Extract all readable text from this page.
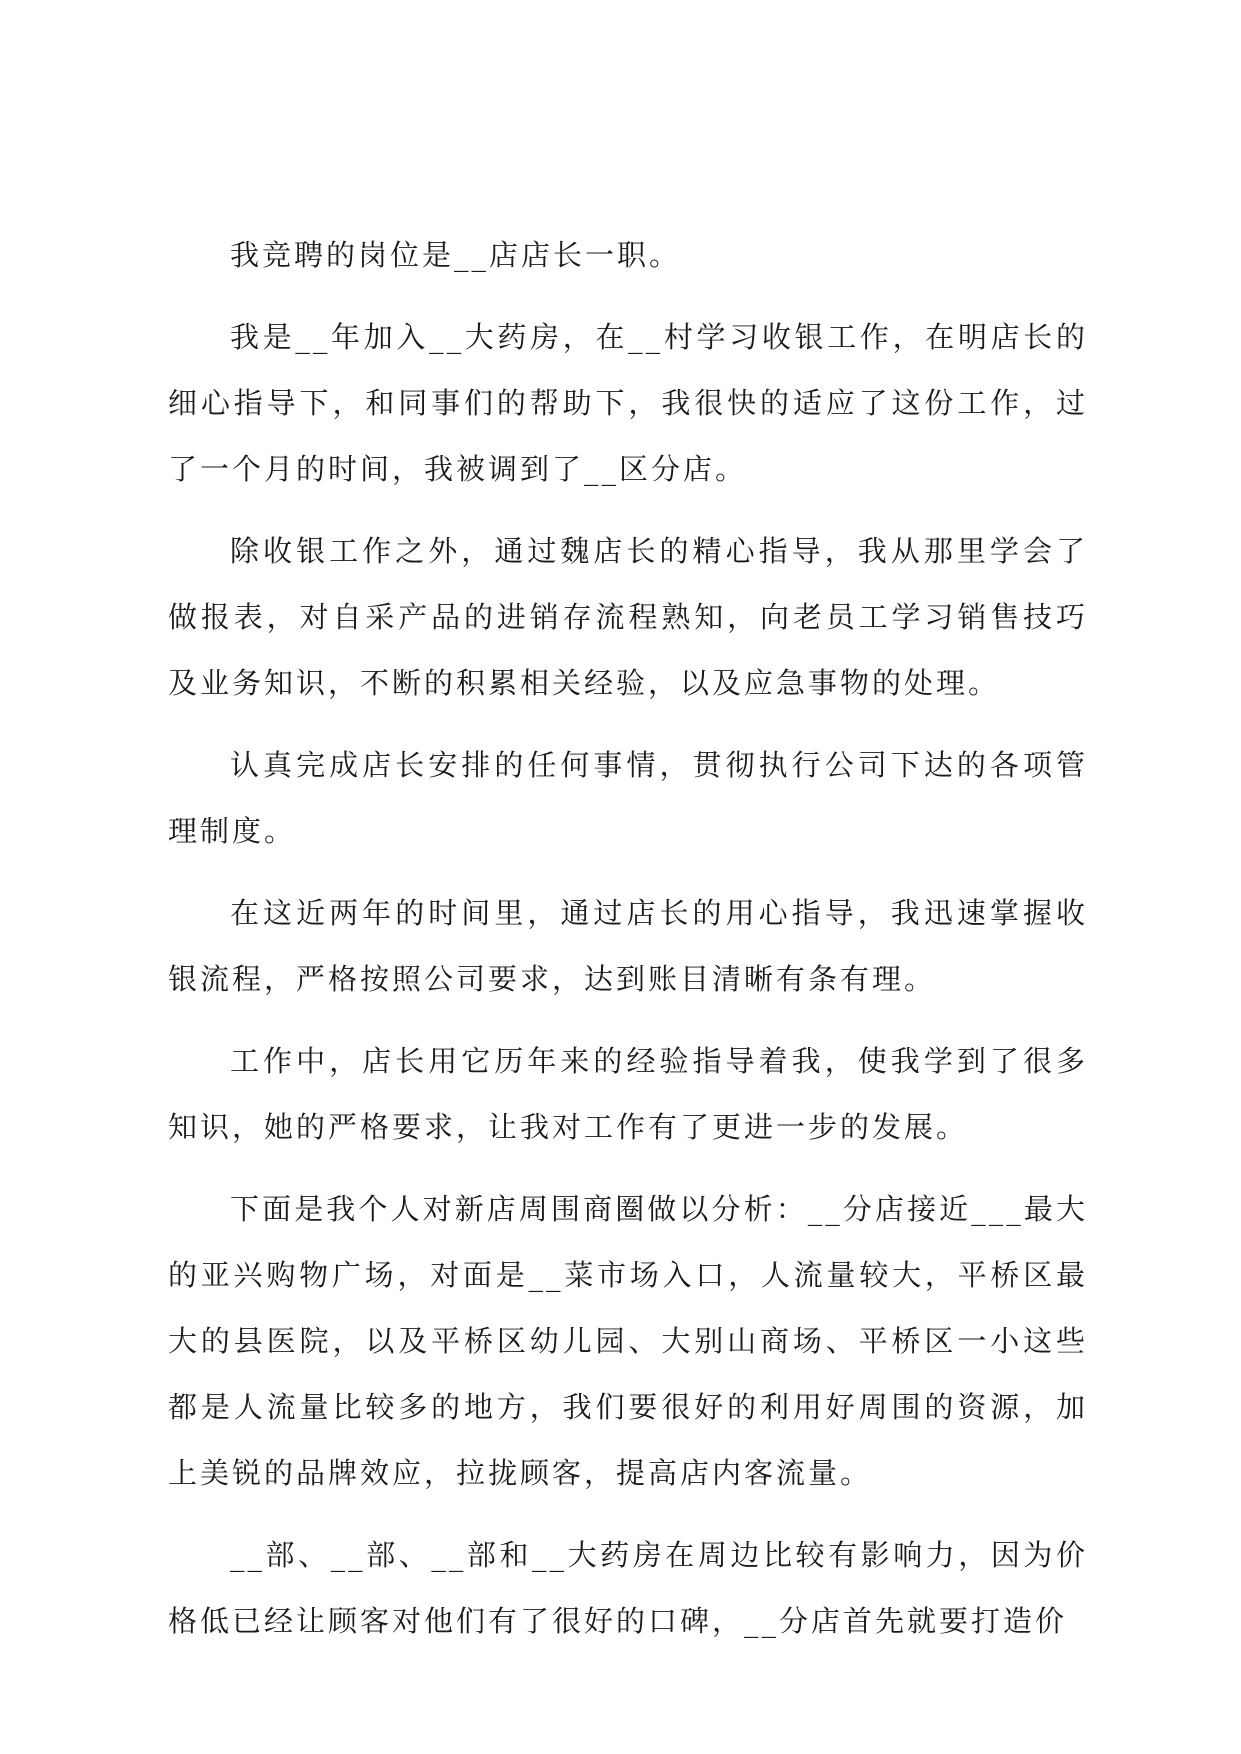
我竞聘的岗位是__店店长一职。

我是__年加入__大药房，在__村学习收银工作，在明店长的细心指导下，和同事们的帮助下，我很快的适应了这份工作，过了一个月的时间，我被调到了__区分店。

除收银工作之外，通过魏店长的精心指导，我从那里学会了做报表，对自采产品的进销存流程熟知，向老员工学习销售技巧及业务知识，不断的积累相关经验，以及应急事物的处理。

认真完成店长安排的任何事情，贯彻执行公司下达的各项管理制度。

在这近两年的时间里，通过店长的用心指导，我迅速掌握收银流程，严格按照公司要求，达到账目清晰有条有理。

工作中，店长用它历年来的经验指导着我，使我学到了很多知识，她的严格要求，让我对工作有了更进一步的发展。

下面是我个人对新店周围商圈做以分析：__分店接近___最大的亚兴购物广场，对面是__菜市场入口，人流量较大，平桥区最大的县医院，以及平桥区幼儿园、大别山商场、平桥区一小这些都是人流量比较多的地方，我们要很好的利用好周围的资源，加上美锐的品牌效应，拉拢顾客，提高店内客流量。

__部、__部、__部和__大药房在周边比较有影响力，因为价格低已经让顾客对他们有了很好的口碑，__分店首先就要打造价
